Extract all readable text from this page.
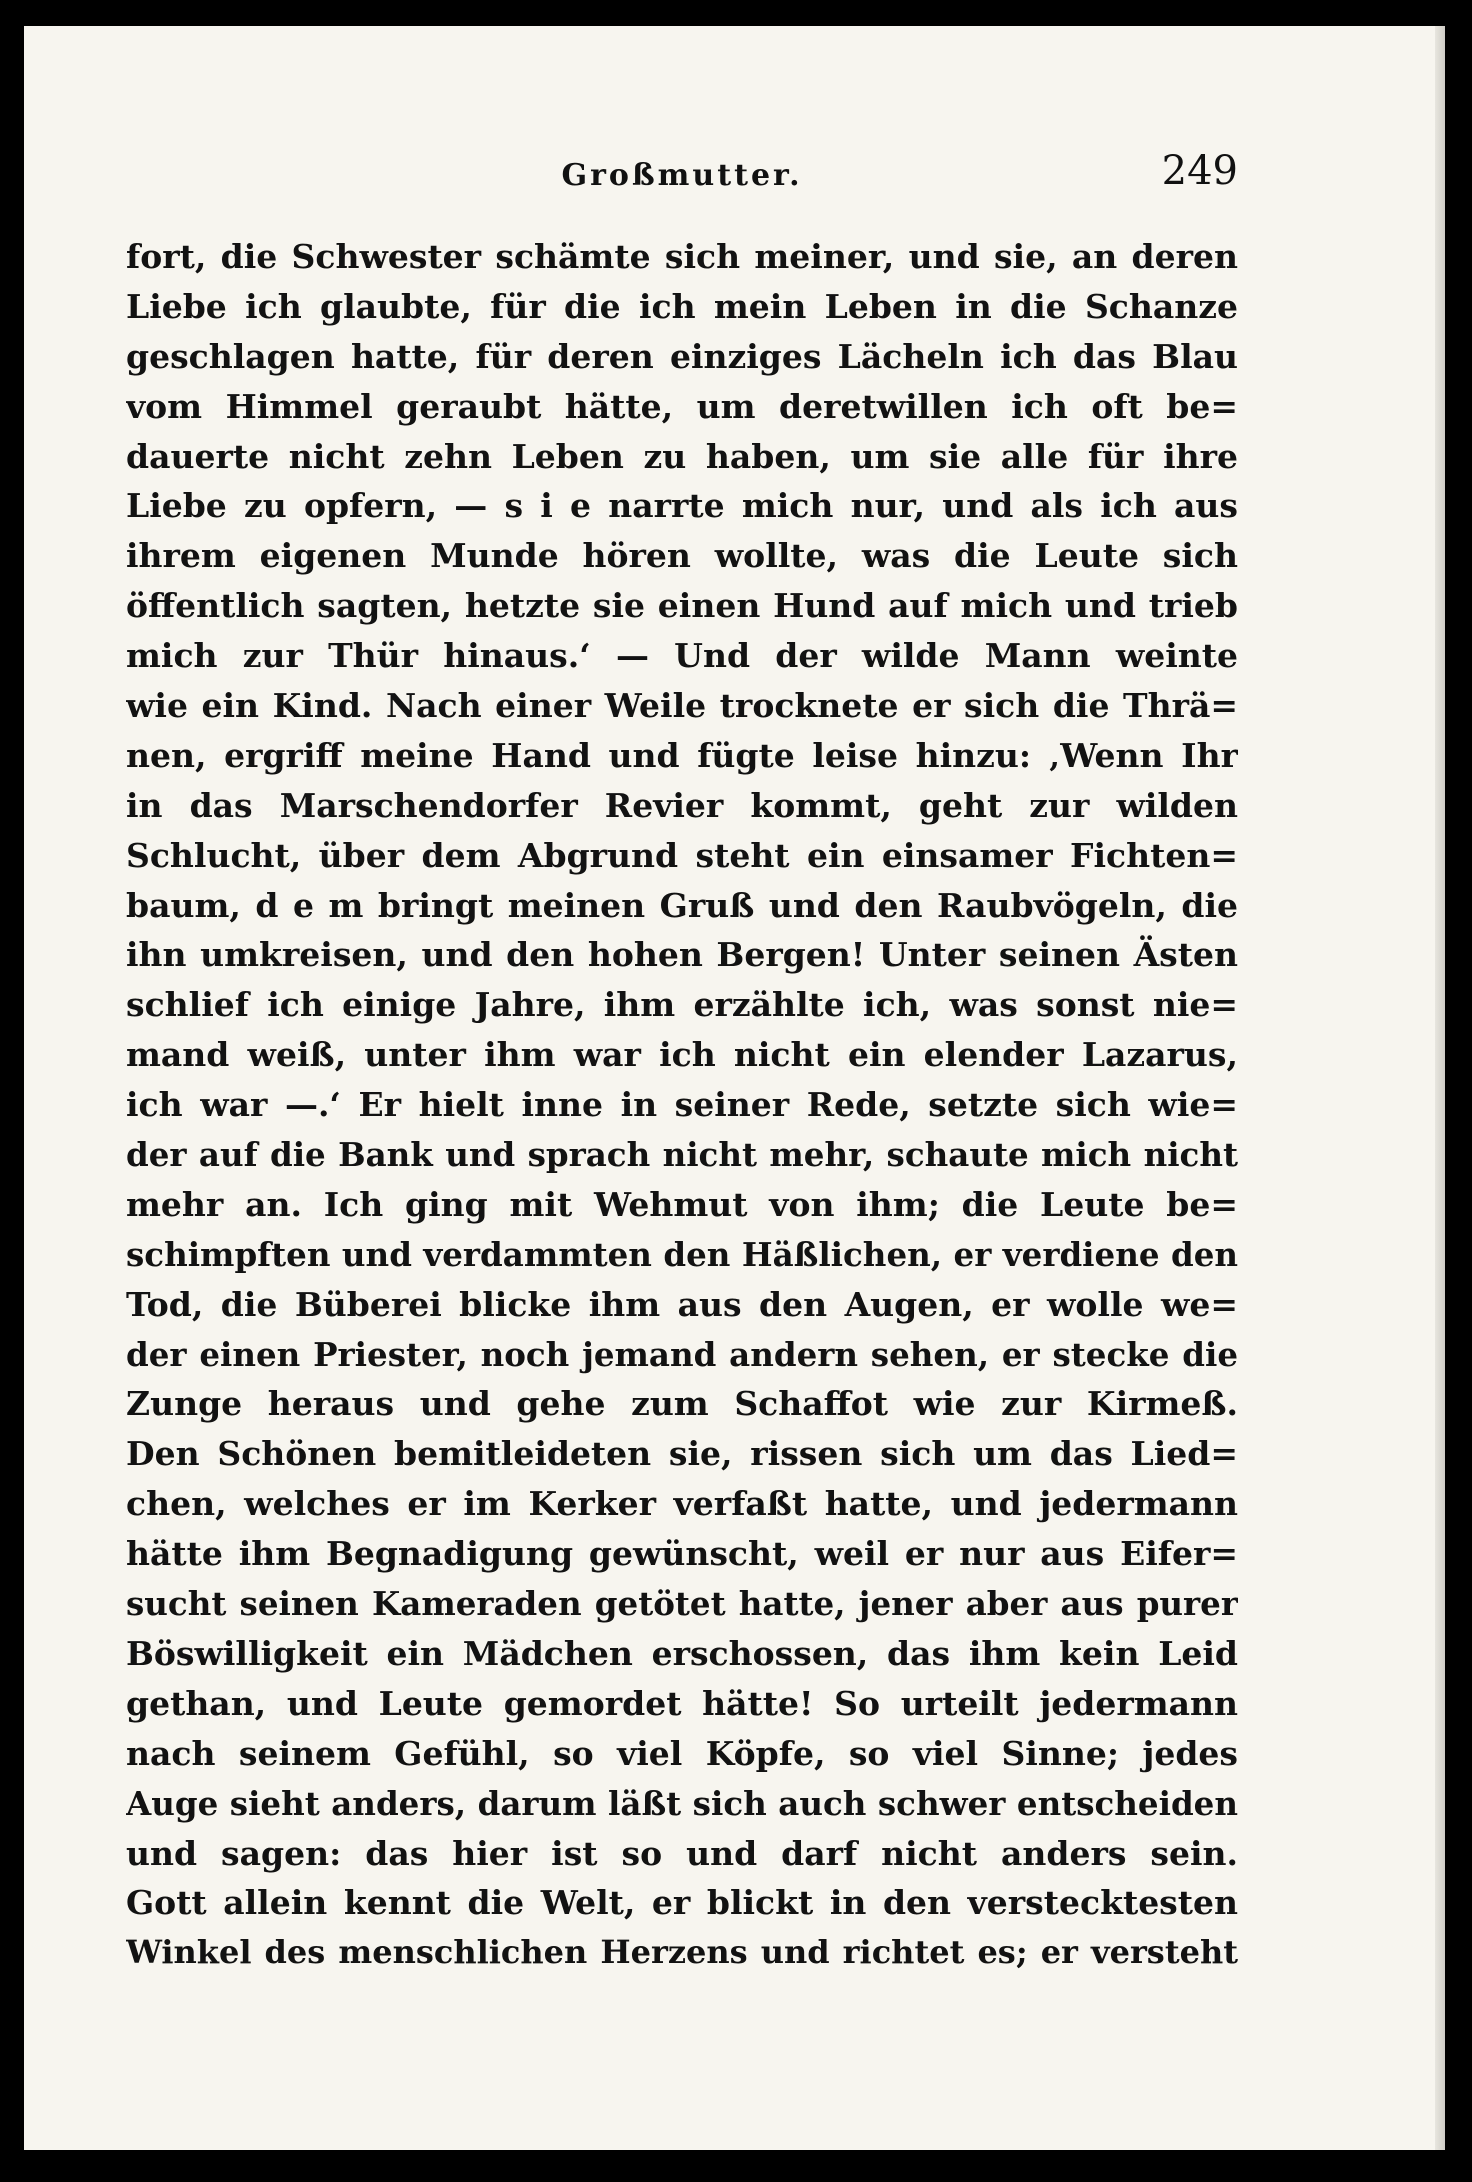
Großmutter.	249
fort, die Schwester schämte sich meiner, und sie, an deren
Liebe ich glaubte, für die ich mein Leben in die Schanze
geschlagen hatte, für deren einziges Lächeln ich das Blau
vom Himmel geraubt hätte, um deretwillen ich oft be=
dauerte nicht zehn Leben zu haben, um sie alle für ihre
Liebe zu opfern, — s i e narrte mich nur, und als ich aus
ihrem eigenen Munde hören wollte, was die Leute sich
öffentlich sagten, hetzte sie einen Hund auf mich und trieb
mich zur Thür hinaus.‘ — Und der wilde Mann weinte
wie ein Kind. Nach einer Weile trocknete er sich die Thrä=
nen, ergriff meine Hand und fügte leise hinzu: ‚Wenn Ihr
in das Marschendorfer Revier kommt, geht zur wilden
Schlucht, über dem Abgrund steht ein einsamer Fichten=
baum, d e m bringt meinen Gruß und den Raubvögeln, die
ihn umkreisen, und den hohen Bergen! Unter seinen Ästen
schlief ich einige Jahre, ihm erzählte ich, was sonst nie=
mand weiß, unter ihm war ich nicht ein elender Lazarus,
ich war —.‘ Er hielt inne in seiner Rede, setzte sich wie=
der auf die Bank und sprach nicht mehr, schaute mich nicht
mehr an. Ich ging mit Wehmut von ihm; die Leute be=
schimpften und verdammten den Häßlichen, er verdiene den
Tod, die Büberei blicke ihm aus den Augen, er wolle we=
der einen Priester, noch jemand andern sehen, er stecke die
Zunge heraus und gehe zum Schaffot wie zur Kirmeß.
Den Schönen bemitleideten sie, rissen sich um das Lied=
chen, welches er im Kerker verfaßt hatte, und jedermann
hätte ihm Begnadigung gewünscht, weil er nur aus Eifer=
sucht seinen Kameraden getötet hatte, jener aber aus purer
Böswilligkeit ein Mädchen erschossen, das ihm kein Leid
gethan, und Leute gemordet hätte! So urteilt jedermann
nach seinem Gefühl, so viel Köpfe, so viel Sinne; jedes
Auge sieht anders, darum läßt sich auch schwer entscheiden
und sagen: das hier ist so und darf nicht anders sein.
Gott allein kennt die Welt, er blickt in den verstecktesten
Winkel des menschlichen Herzens und richtet es; er versteht
